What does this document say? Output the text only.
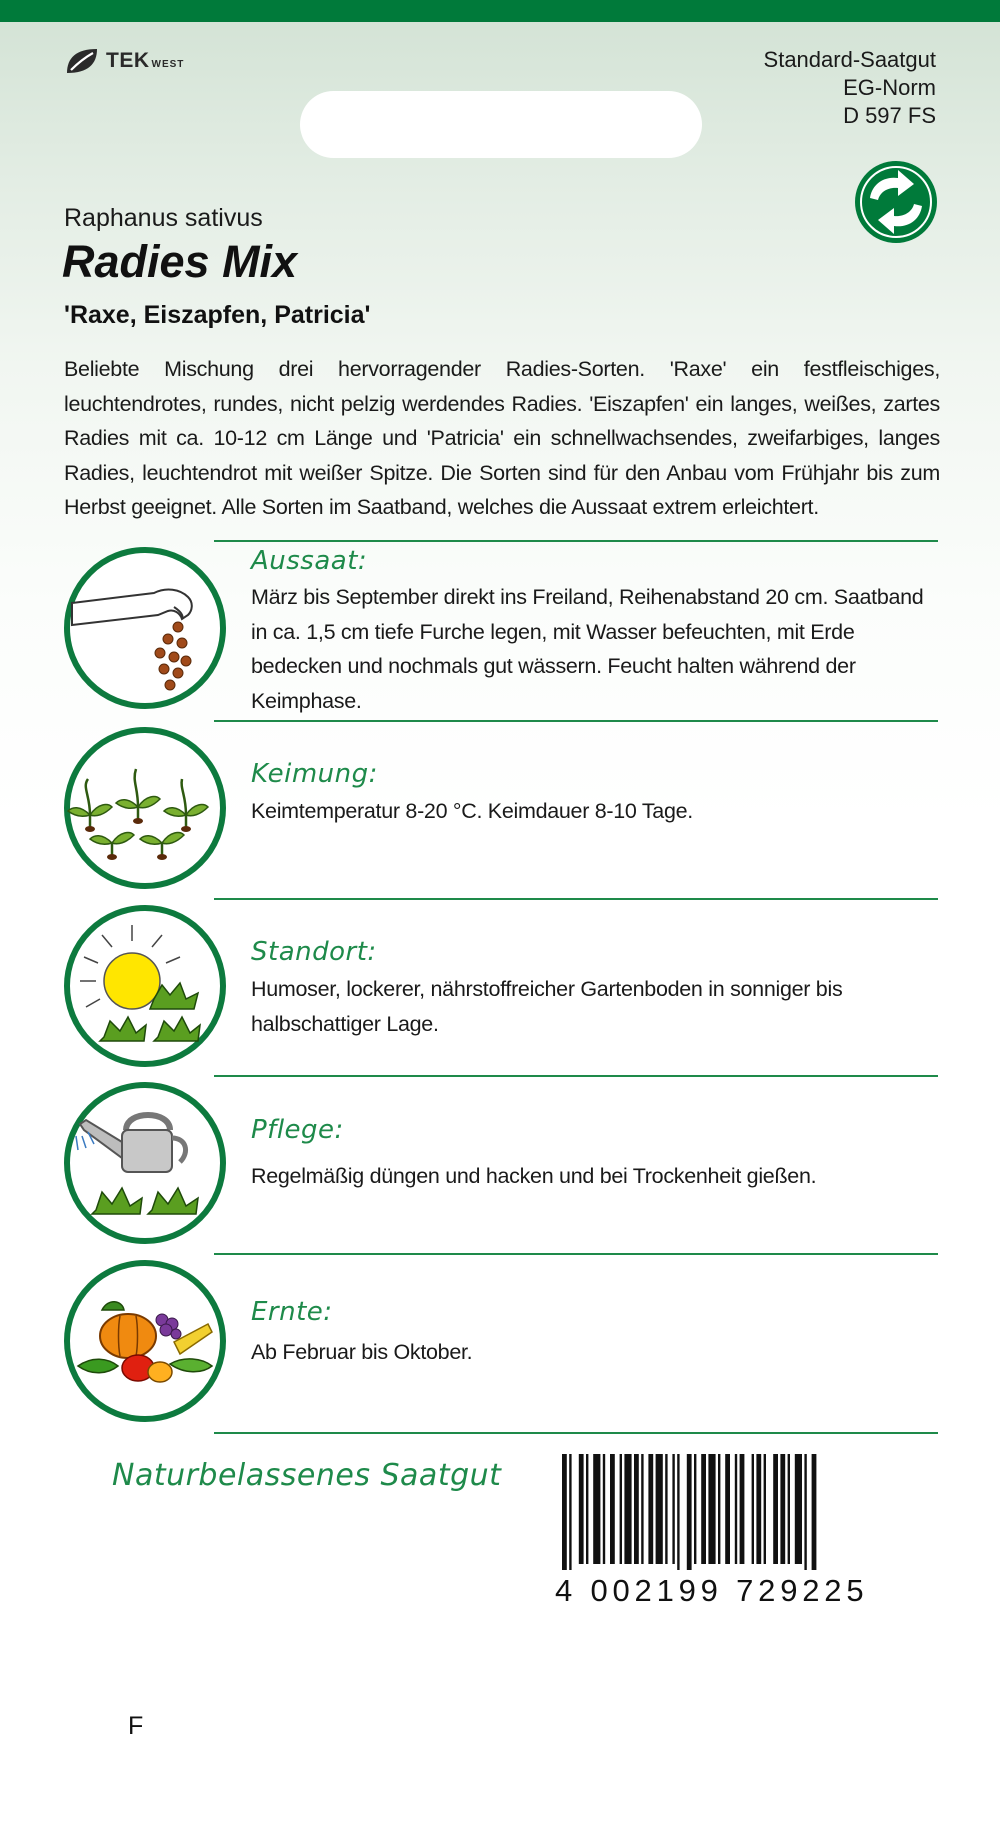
TEK WEST	Standard-Saatgut
EG-Norm
D 597 FS
Raphanus sativus
Radies Mix
'Raxe, Eiszapfen, Patricia'
Beliebte Mischung drei hervorragender Radies-Sorten. 'Raxe' ein festfleischiges, leuchtendrotes, rundes, nicht pelzig werdendes Radies. 'Eiszapfen' ein langes, weißes, zartes Radies mit ca. 10-12 cm Länge und 'Patricia' ein schnellwachsendes, zweifarbiges, langes Radies, leuchtendrot mit weißer Spitze. Die Sorten sind für den Anbau vom Frühjahr bis zum Herbst geeignet. Alle Sorten im Saatband, welches die Aussaat extrem erleichtert.
Aussaat:
März bis September direkt ins Freiland, Reihenabstand 20 cm. Saatband in ca. 1,5 cm tiefe Furche legen, mit Wasser befeuchten, mit Erde bedecken und nochmals gut wässern. Feucht halten während der Keimphase.
Keimung:
Keimtemperatur 8-20 °C. Keimdauer 8-10 Tage.
Standort:
Humoser, lockerer, nährstoffreicher Gartenboden in sonniger bis halbschattiger Lage.
Pflege:
Regelmäßig düngen und hacken und bei Trockenheit gießen.
Ernte:
Ab Februar bis Oktober.
Naturbelassenes Saatgut
4 002199 729225
F
